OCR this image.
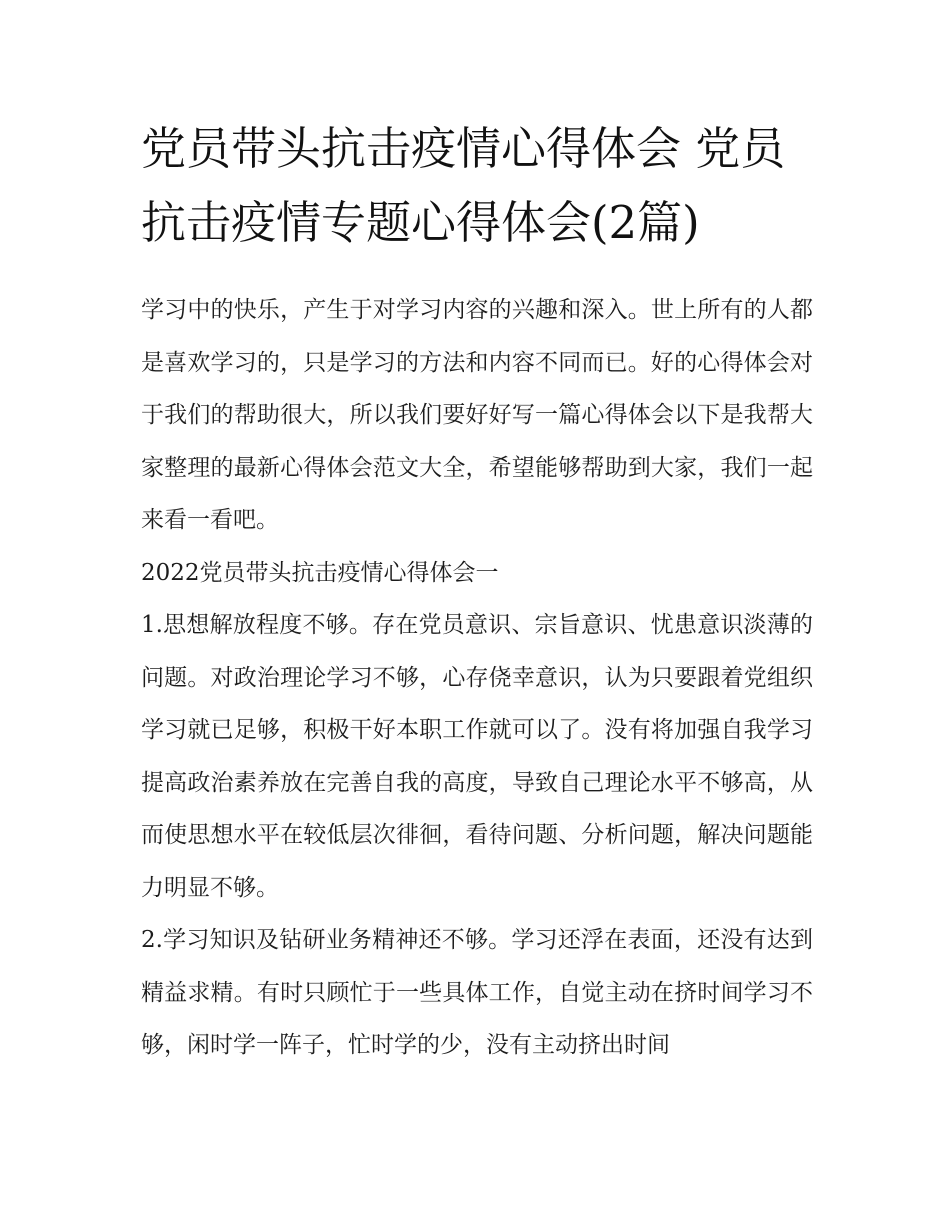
党员带头抗击疫情心得体会 党员抗击疫情专题心得体会(2篇)

学习中的快乐，产生于对学习内容的兴趣和深入。世上所有的人都是喜欢学习的，只是学习的方法和内容不同而已。好的心得体会对于我们的帮助很大，所以我们要好好写一篇心得体会以下是我帮大家整理的最新心得体会范文大全，希望能够帮助到大家，我们一起来看一看吧。

2022党员带头抗击疫情心得体会一

1.思想解放程度不够。存在党员意识、宗旨意识、忧患意识淡薄的问题。对政治理论学习不够，心存侥幸意识，认为只要跟着党组织学习就已足够，积极干好本职工作就可以了。没有将加强自我学习提高政治素养放在完善自我的高度，导致自己理论水平不够高，从而使思想水平在较低层次徘徊，看待问题、分析问题，解决问题能力明显不够。

2.学习知识及钻研业务精神还不够。学习还浮在表面，还没有达到精益求精。有时只顾忙于一些具体工作，自觉主动在挤时间学习不够，闲时学一阵子，忙时学的少，没有主动挤出时间
